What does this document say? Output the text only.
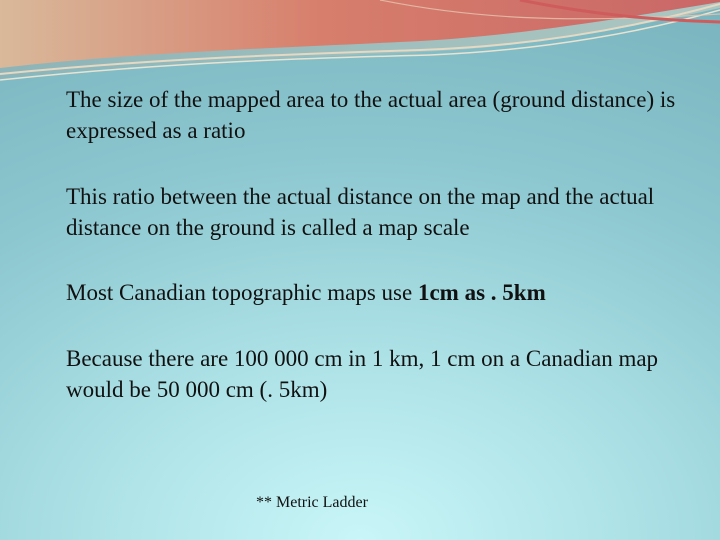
The size of the mapped area to the actual area (ground distance) is expressed as a ratio

This ratio between the actual distance on the map and the actual distance on the ground is called a map scale

Most Canadian topographic maps use 1cm as . 5km

Because there are 100 000 cm in 1 km, 1 cm on a Canadian map would be 50 000 cm (. 5km)

** Metric Ladder
